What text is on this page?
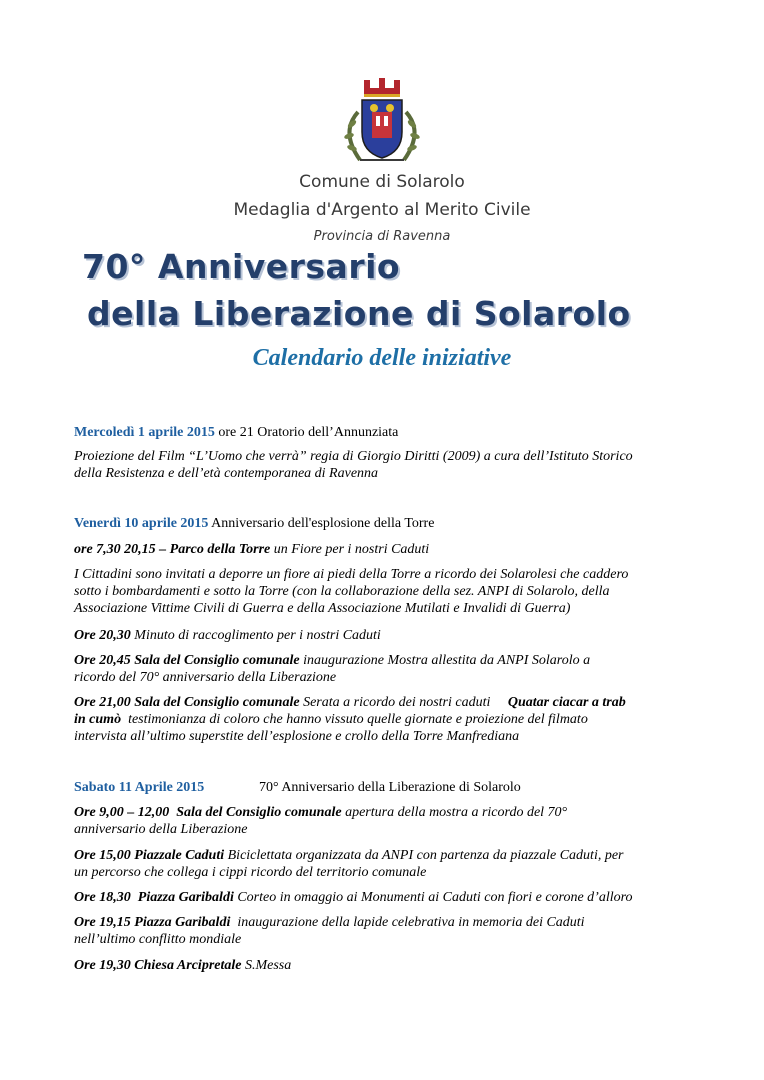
Comune di Solarolo
Medaglia d'Argento al Merito Civile
Provincia di Ravenna
70° Anniversario
della Liberazione di Solarolo
Calendario delle iniziative
Mercoledì 1 aprile 2015 ore 21 Oratorio dell’Annunziata
Proiezione del Film “L’Uomo che verrà” regia di Giorgio Diritti (2009) a cura dell’Istituto Storico
della Resistenza e dell’età contemporanea di Ravenna
Venerdì 10 aprile 2015 Anniversario dell'esplosione della Torre
ore 7,30 20,15 – Parco della Torre un Fiore per i nostri Caduti
I Cittadini sono invitati a deporre un fiore ai piedi della Torre a ricordo dei Solarolesi che caddero
sotto i bombardamenti e sotto la Torre (con la collaborazione della sez. ANPI di Solarolo, della
Associazione Vittime Civili di Guerra e della Associazione Mutilati e Invalidi di Guerra)
Ore 20,30 Minuto di raccoglimento per i nostri Caduti
Ore 20,45 Sala del Consiglio comunale inaugurazione Mostra allestita da ANPI Solarolo a
ricordo del 70° anniversario della Liberazione
Ore 21,00 Sala del Consiglio comunale Serata a ricordo dei nostri caduti     Quatar ciacar a trab
in cumò  testimonianza di coloro che hanno vissuto quelle giornate e proiezione del filmato
intervista all’ultimo superstite dell’esplosione e crollo della Torre Manfrediana
Sabato 11 Aprile 2015	70° Anniversario della Liberazione di Solarolo
Ore 9,00 – 12,00  Sala del Consiglio comunale apertura della mostra a ricordo del 70°
anniversario della Liberazione
Ore 15,00 Piazzale Caduti Biciclettata organizzata da ANPI con partenza da piazzale Caduti, per
un percorso che collega i cippi ricordo del territorio comunale
Ore 18,30  Piazza Garibaldi Corteo in omaggio ai Monumenti ai Caduti con fiori e corone d’alloro
Ore 19,15 Piazza Garibaldi  inaugurazione della lapide celebrativa in memoria dei Caduti
nell’ultimo conflitto mondiale
Ore 19,30 Chiesa Arcipretale S.Messa
